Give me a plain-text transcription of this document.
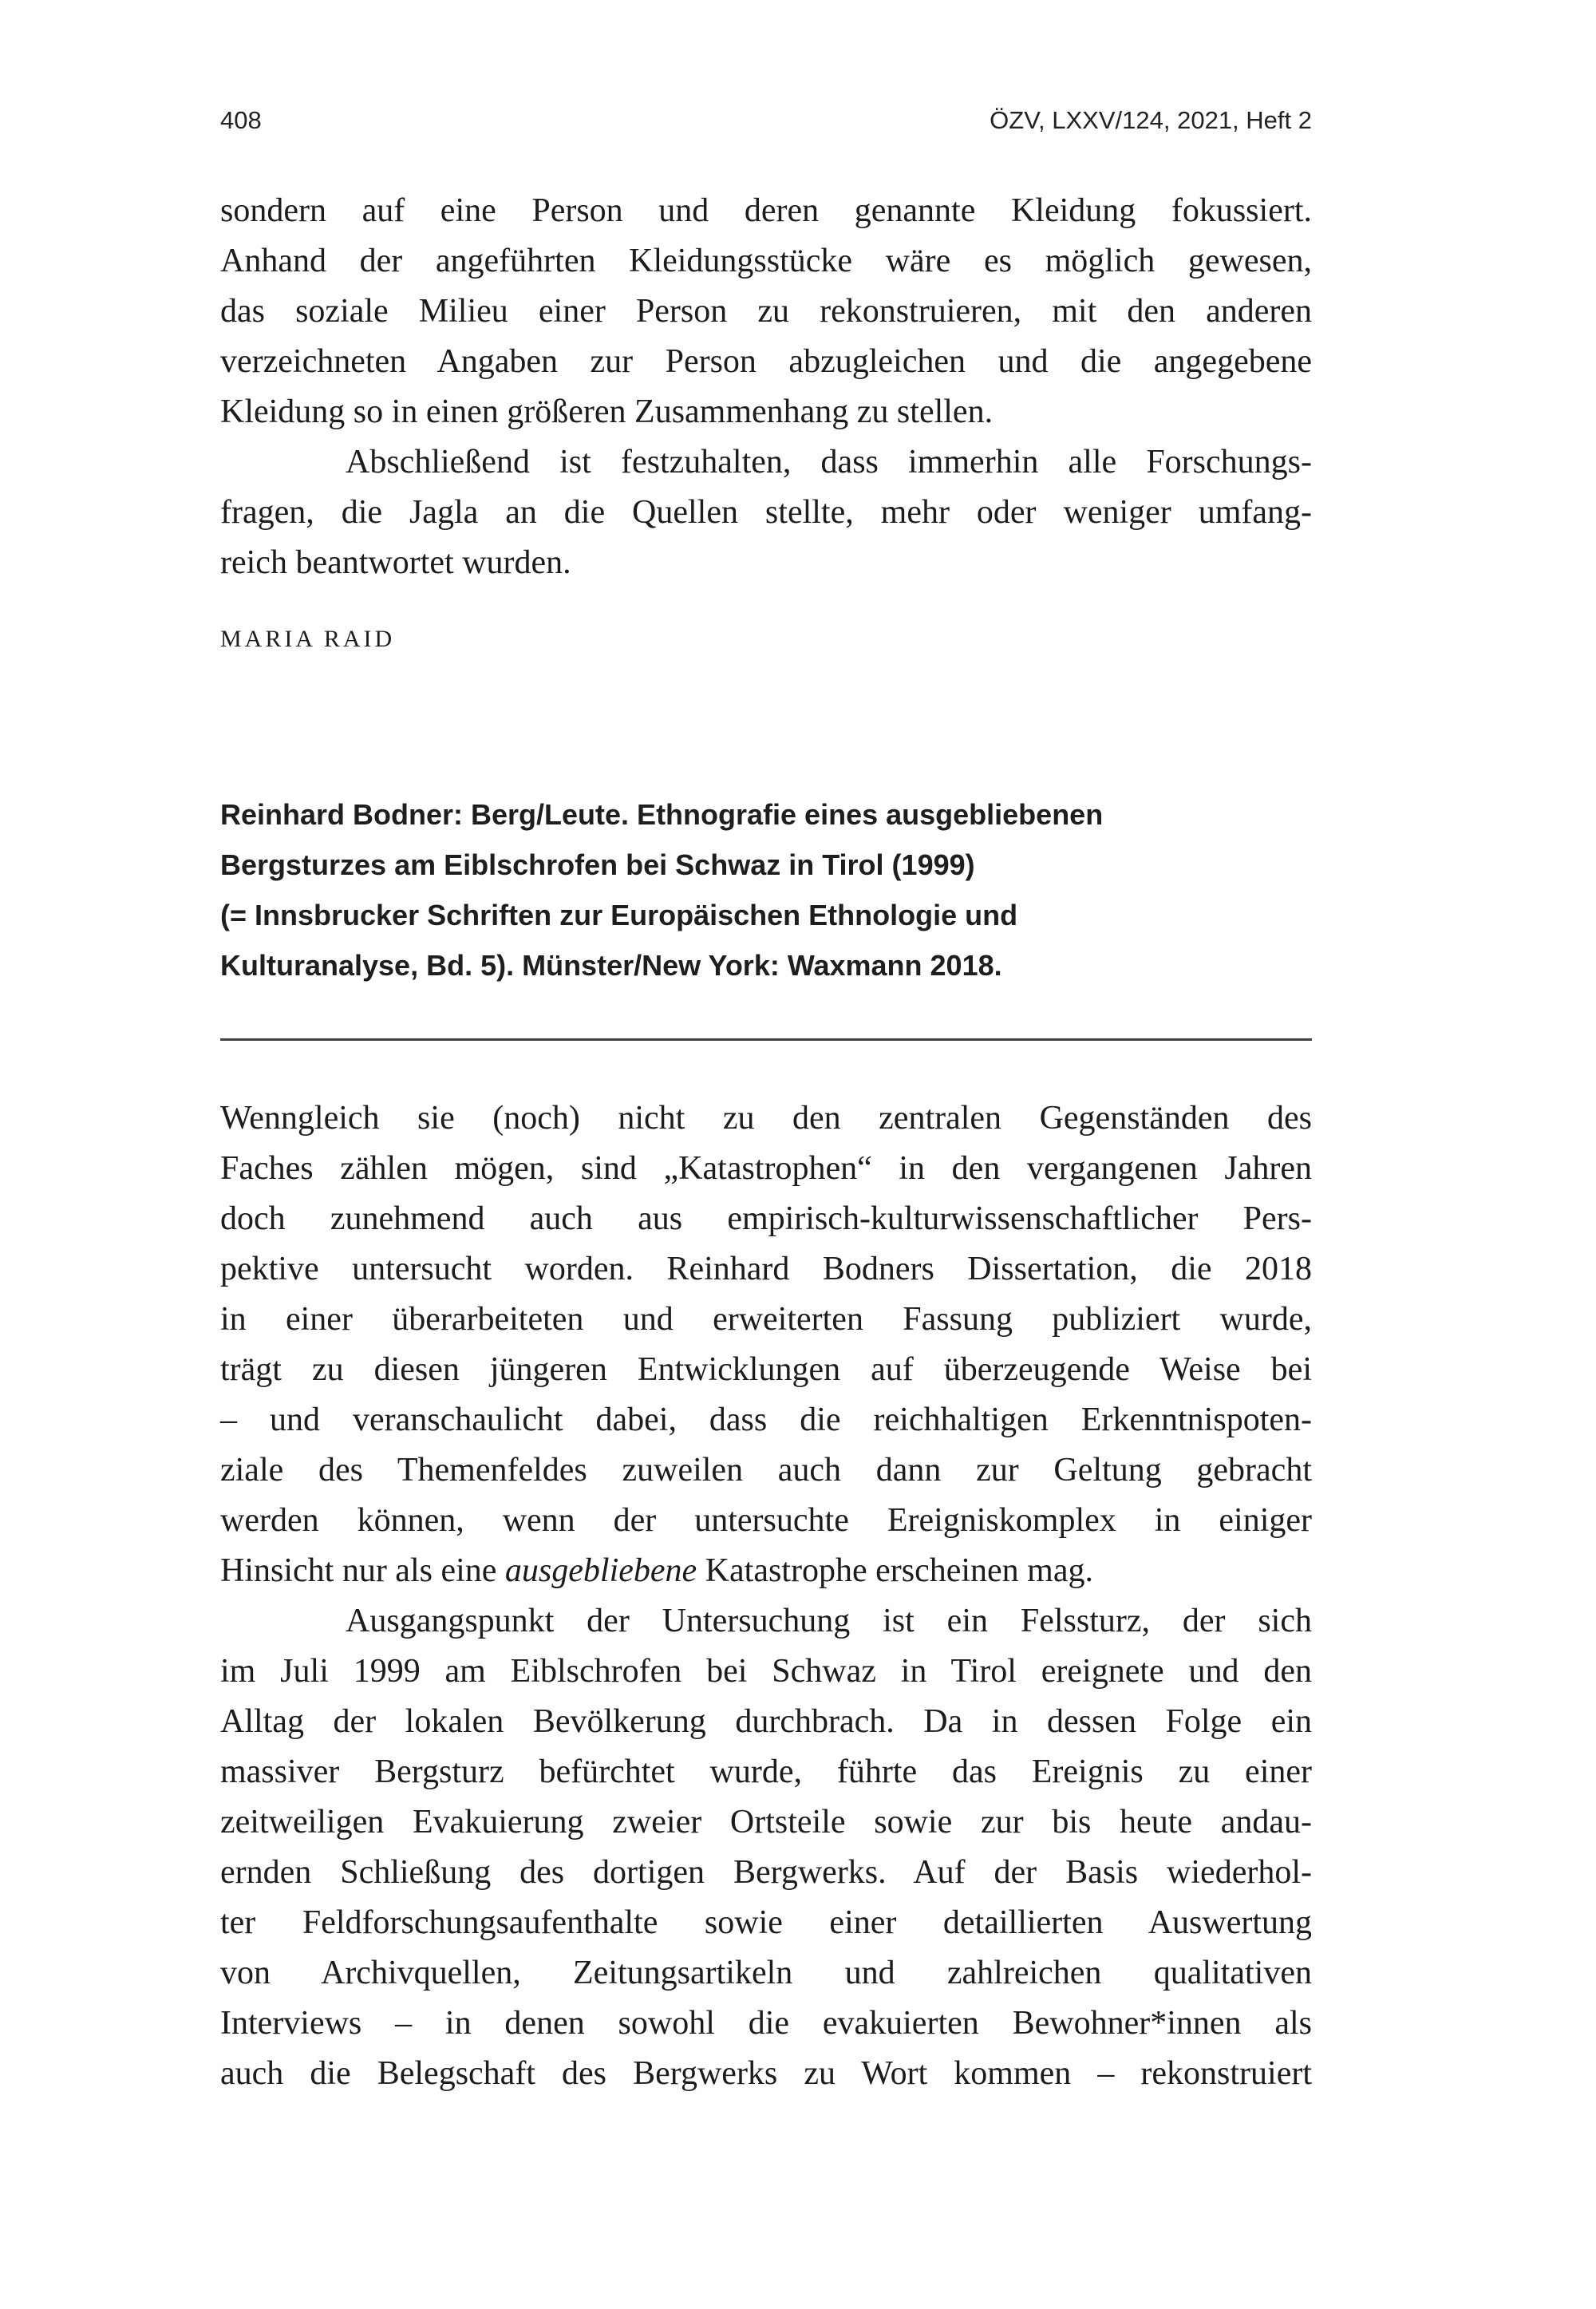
408	ÖZV, LXXV/124, 2021, Heft 2
sondern auf eine Person und deren genannte Kleidung fokussiert.
Anhand der angeführten Kleidungsstücke wäre es möglich gewesen,
das soziale Milieu einer Person zu rekonstruieren, mit den anderen
verzeichneten Angaben zur Person abzugleichen und die angegebene
Kleidung so in einen größeren Zusammenhang zu stellen.
Abschließend ist festzuhalten, dass immerhin alle Forschungs-
fragen, die Jagla an die Quellen stellte, mehr oder weniger umfang-
reich beantwortet wurden.
MARIA RAID
Reinhard Bodner: Berg/Leute. Ethnografie eines ausgebliebenen
Bergsturzes am Eiblschrofen bei Schwaz in Tirol (1999)
(= Innsbrucker Schriften zur Europäischen Ethnologie und
Kulturanalyse, Bd. 5). Münster/New York: Waxmann 2018.
Wenngleich sie (noch) nicht zu den zentralen Gegenständen des
Faches zählen mögen, sind „Katastrophen“ in den vergangenen Jahren
doch zunehmend auch aus empirisch-kulturwissenschaftlicher Pers-
pektive untersucht worden. Reinhard Bodners Dissertation, die 2018
in einer überarbeiteten und erweiterten Fassung publiziert wurde,
trägt zu diesen jüngeren Entwicklungen auf überzeugende Weise bei
– und veranschaulicht dabei, dass die reichhaltigen Erkenntnispoten-
ziale des Themenfeldes zuweilen auch dann zur Geltung gebracht
werden können, wenn der untersuchte Ereigniskomplex in einiger
Hinsicht nur als eine ausgebliebene Katastrophe erscheinen mag.
Ausgangspunkt der Untersuchung ist ein Felssturz, der sich
im Juli 1999 am Eiblschrofen bei Schwaz in Tirol ereignete und den
Alltag der lokalen Bevölkerung durchbrach. Da in dessen Folge ein
massiver Bergsturz befürchtet wurde, führte das Ereignis zu einer
zeitweiligen Evakuierung zweier Ortsteile sowie zur bis heute andau-
ernden Schließung des dortigen Bergwerks. Auf der Basis wiederhol-
ter Feldforschungsaufenthalte sowie einer detaillierten Auswertung
von Archivquellen, Zeitungsartikeln und zahlreichen qualitativen
Interviews – in denen sowohl die evakuierten Bewohner*innen als
auch die Belegschaft des Bergwerks zu Wort kommen – rekonstruiert
